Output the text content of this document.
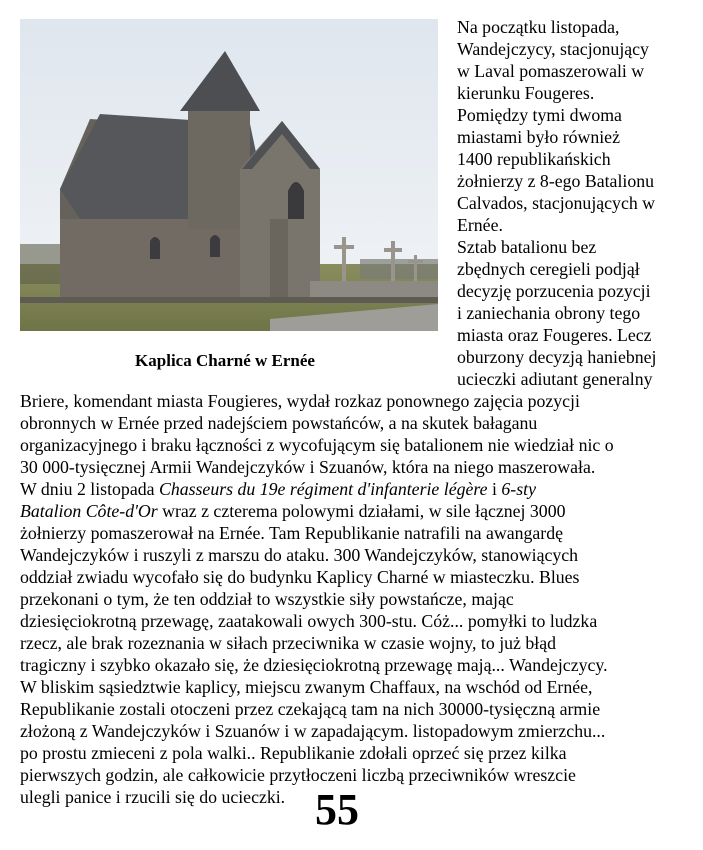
Kaplica Charné w Ernée
Na początku listopada,
Wandejczycy, stacjonujący
w Laval pomaszerowali w
kierunku Fougeres.
Pomiędzy tymi dwoma
miastami było również
1400 republikańskich
żołnierzy z 8-ego Batalionu
Calvados, stacjonujących w
Ernée.
Sztab batalionu bez
zbędnych ceregieli podjął
decyzję porzucenia pozycji
i zaniechania obrony tego
miasta oraz Fougeres. Lecz
oburzony decyzją haniebnej
ucieczki adiutant generalny
Briere, komendant miasta Fougieres, wydał rozkaz ponownego zajęcia pozycji
obronnych w Ernée przed nadejściem powstańców, a na skutek bałaganu
organizacyjnego i braku łączności z wycofującym się batalionem nie wiedział nic o
30 000-tysięcznej Armii Wandejczyków i Szuanów, która na niego maszerowała.
W dniu 2 listopada Chasseurs du 19e régiment d'infanterie légère i 6-sty
Batalion Côte-d'Or wraz z czterema polowymi działami, w sile łącznej 3000
żołnierzy pomaszerował na Ernée. Tam Republikanie natrafili na awangardę
Wandejczyków i ruszyli z marszu do ataku. 300 Wandejczyków, stanowiących
oddział zwiadu wycofało się do budynku Kaplicy Charné w miasteczku. Blues
przekonani o tym, że ten oddział to wszystkie siły powstańcze, mając
dziesięciokrotną przewagę, zaatakowali owych 300-stu. Cóż... pomyłki to ludzka
rzecz, ale brak rozeznania w siłach przeciwnika w czasie wojny, to już błąd
tragiczny i szybko okazało się, że dziesięciokrotną przewagę mają... Wandejczycy.
W bliskim sąsiedztwie kaplicy, miejscu zwanym Chaffaux, na wschód od Ernée,
Republikanie zostali otoczeni przez czekającą tam na nich 30000-tysięczną armie
złożoną z Wandejczyków i Szuanów i w zapadającym. listopadowym zmierzchu...
po prostu zmieceni z pola walki.. Republikanie zdołali oprzeć się przez kilka
pierwszych godzin, ale całkowicie przytłoczeni liczbą przeciwników wreszcie
ulegli panice i rzucili się do ucieczki. 55
